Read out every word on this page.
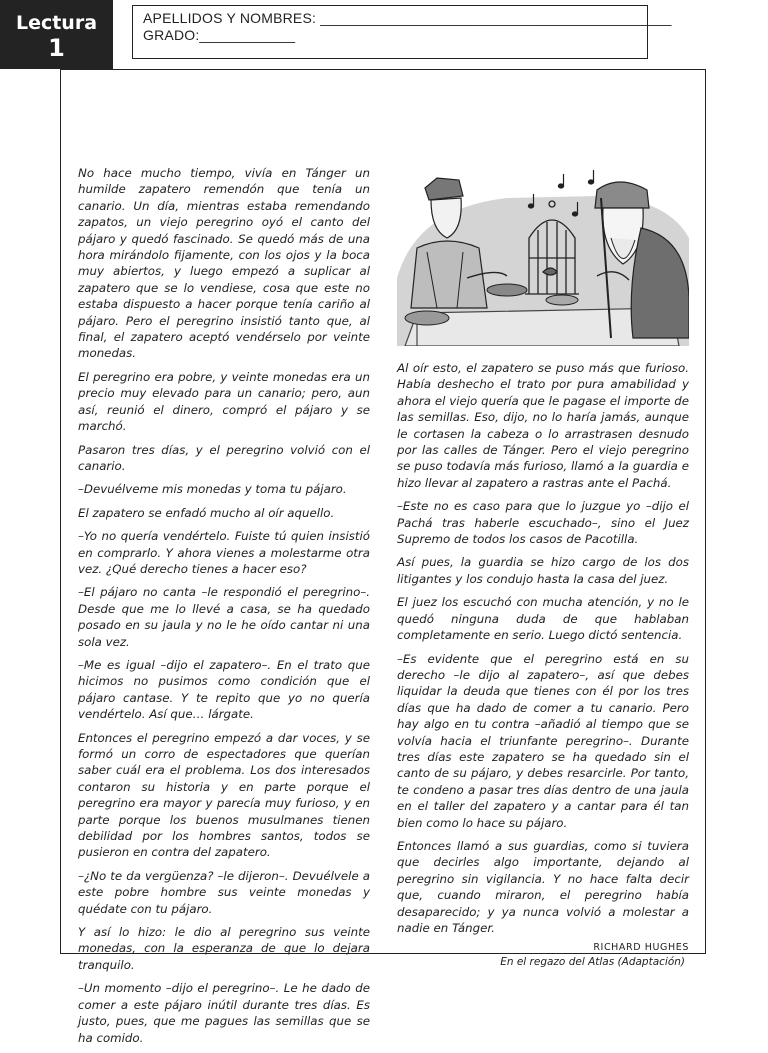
Lectura
1
APELLIDOS Y NOMBRES: ____________________________________________
GRADO:____________

No hace mucho tiempo, vivía en Tánger un humilde zapatero remendón que tenía un canario. Un día, mientras estaba remendando zapatos, un viejo peregrino oyó el canto del pájaro y quedó fascinado. Se quedó más de una hora mirándolo fijamente, con los ojos y la boca muy abiertos, y luego empezó a suplicar al zapatero que se lo vendiese, cosa que este no estaba dispuesto a hacer porque tenía cariño al pájaro. Pero el peregrino insistió tanto que, al final, el zapatero aceptó vendérselo por veinte monedas.

El peregrino era pobre, y veinte monedas era un precio muy elevado para un canario; pero, aun así, reunió el dinero, compró el pájaro y se marchó.

Pasaron tres días, y el peregrino volvió con el canario.

–Devuélveme mis monedas y toma tu pájaro.

El zapatero se enfadó mucho al oír aquello.

–Yo no quería vendértelo. Fuiste tú quien insistió en comprarlo. Y ahora vienes a molestarme otra vez. ¿Qué derecho tienes a hacer eso?

–El pájaro no canta –le respondió el peregrino–. Desde que me lo llevé a casa, se ha quedado posado en su jaula y no le he oído cantar ni una sola vez.

–Me es igual –dijo el zapatero–. En el trato que hicimos no pusimos como condición que el pájaro cantase. Y te repito que yo no quería vendértelo. Así que… lárgate.

Entonces el peregrino empezó a dar voces, y se formó un corro de espectadores que querían saber cuál era el problema. Los dos interesados contaron su historia y en parte porque el peregrino era mayor y parecía muy furioso, y en parte porque los buenos musulmanes tienen debilidad por los hombres santos, todos se pusieron en contra del zapatero.

–¿No te da vergüenza? –le dijeron–. Devuélvele a este pobre hombre sus veinte monedas y quédate con tu pájaro.

Y así lo hizo: le dio al peregrino sus veinte monedas, con la esperanza de que lo dejara tranquilo.

–Un momento –dijo el peregrino–. Le he dado de comer a este pájaro inútil durante tres días. Es justo, pues, que me pagues las semillas que se ha comido.

Al oír esto, el zapatero se puso más que furioso. Había deshecho el trato por pura amabilidad y ahora el viejo quería que le pagase el importe de las semillas. Eso, dijo, no lo haría jamás, aunque le cortasen la cabeza o lo arrastrasen desnudo por las calles de Tánger. Pero el viejo peregrino se puso todavía más furioso, llamó a la guardia e hizo llevar al zapatero a rastras ante el Pachá.

–Este no es caso para que lo juzgue yo –dijo el Pachá tras haberle escuchado–, sino el Juez Supremo de todos los casos de Pacotilla.

Así pues, la guardia se hizo cargo de los dos litigantes y los condujo hasta la casa del juez.

El juez los escuchó con mucha atención, y no le quedó ninguna duda de que hablaban completamente en serio. Luego dictó sentencia.

–Es evidente que el peregrino está en su derecho –le dijo al zapatero–, así que debes liquidar la deuda que tienes con él por los tres días que ha dado de comer a tu canario. Pero hay algo en tu contra –añadió al tiempo que se volvía hacia el triunfante peregrino–. Durante tres días este zapatero se ha quedado sin el canto de su pájaro, y debes resarcirle. Por tanto, te condeno a pasar tres días dentro de una jaula en el taller del zapatero y a cantar para él tan bien como lo hace su pájaro.

Entonces llamó a sus guardias, como si tuviera que decirles algo importante, dejando al peregrino sin vigilancia. Y no hace falta decir que, cuando miraron, el peregrino había desaparecido; y ya nunca volvió a molestar a nadie en Tánger.

RICHARD HUGHES
En el regazo del Atlas (Adaptación)
